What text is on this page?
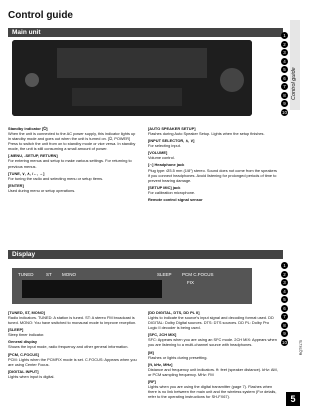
Control guide
Control guide
Main unit	1
2
3
4
5
6
7
8
9
10
Standby indicator [⏻]
When the unit is connected to the AC power supply, this indicator lights up in standby mode and goes out when the unit is turned on. [⏻, POWER] Press to switch the unit from on to standby mode or vice versa. In standby mode, the unit is still consuming a small amount of power.
[-MENU, -SETUP, RETURN]
For entering menus and setup to make various settings. For returning to previous menus.
[TUNE, ∨, ∧, /←, →]
For tuning the radio and selecting menu or setup items.
[ENTER]
Used during menu or setup operations.
[AUTO SPEAKER SETUP]
Flashes during Auto Speaker Setup. Lights when the setup finishes.
[INPUT SELECTOR, ∧, ∨]
For selecting input.
[VOLUME]
Volume control.
[∩] Headphone jack
Plug type: Ø3.5 mm (1/8″) stereo. Sound does not come from the speakers if you connect headphones. Avoid listening for prolonged periods of time to prevent hearing damage.
[SETUP MIC] jack
For calibration microphone.
Remote control signal sensor
Display
TUNED	ST MONO	SLEEP PCM C.FOCUS
FIX
1
2
3
4
5
6
7
8
9
10
[TUNED, ST, MONO]
Radio indicators. TUNED: A station is tuned. ST: A stereo FM broadcast is tuned. MONO: You have switched to monaural mode to improve reception.
[SLEEP]
Sleep timer indicator.
General display
Shows the input mode, radio frequency and other general information.
[PCM, C.FOCUS]
PCM: Lights when the PCMFIX mode is set. C.FOCUS: Appears when you are using Center Focus.
[DIGITAL INPUT]
Lights when input is digital.
[DD DIGITAL, DTS, DD PL II]
Lights to indicate the source's input signal and decoding format used. DD DIGITAL: Dolby Digital sources. DTS: DTS sources. DD PL: Dolby Pro Logic II decoder is being used.
[SFC, 2CH MIX]
SFC: Appears when you are using an SFC mode. 2CH MIX: Appears when you are listening to a multi-channel source with headphones.
[M]
Flashes or lights during presetting.
[ft, kHz, MHz]
Distance and frequency unit indicators. ft: feet (speaker distance). kHz: AM, or PCM sampling frequency. MHz: FM
[RF]
Lights when you are using the digital transmitter (page 7). Flashes when there is no link between the main unit and the wireless system (For details, refer to the operating instructions for SH-FX67).
RQT9175
5
